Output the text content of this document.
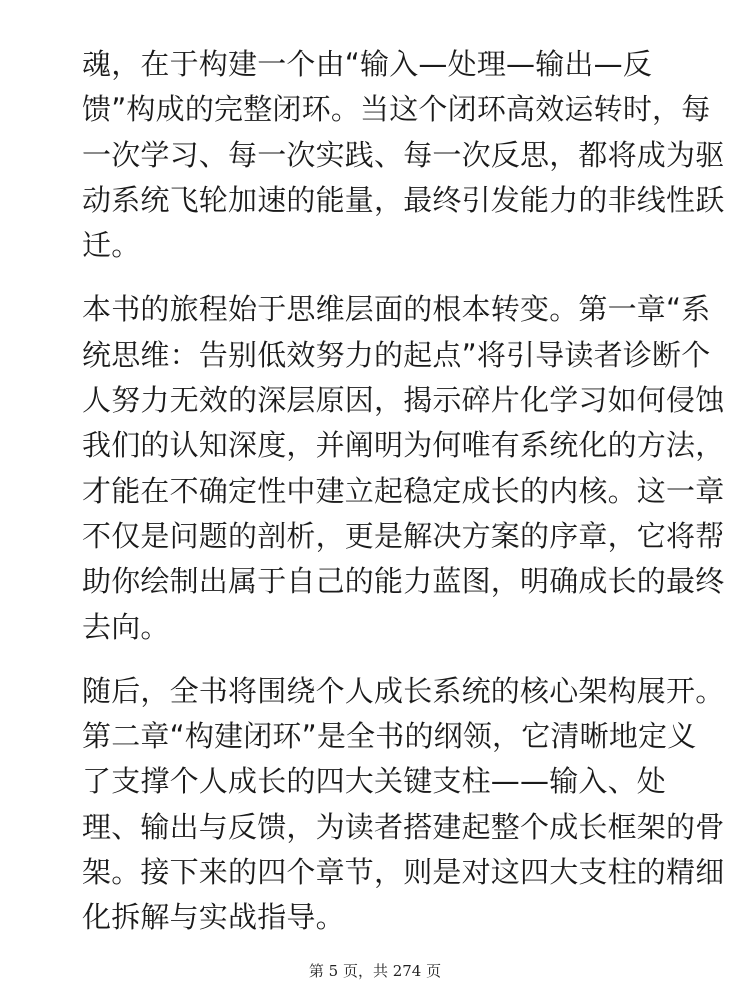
魂，在于构建一个由“输入—处理—输出—反
馈”构成的完整闭环。当这个闭环高效运转时，每
一次学习、每一次实践、每一次反思，都将成为驱
动系统飞轮加速的能量，最终引发能力的非线性跃
迁。
本书的旅程始于思维层面的根本转变。第一章“系
统思维：告别低效努力的起点”将引导读者诊断个
人努力无效的深层原因，揭示碎片化学习如何侵蚀
我们的认知深度，并阐明为何唯有系统化的方法，
才能在不确定性中建立起稳定成长的内核。这一章
不仅是问题的剖析，更是解决方案的序章，它将帮
助你绘制出属于自己的能力蓝图，明确成长的最终
去向。
随后，全书将围绕个人成长系统的核心架构展开。
第二章“构建闭环”是全书的纲领，它清晰地定义
了支撑个人成长的四大关键支柱——输入、处
理、输出与反馈，为读者搭建起整个成长框架的骨
架。接下来的四个章节，则是对这四大支柱的精细
化拆解与实战指导。
第 5 页，共 274 页
